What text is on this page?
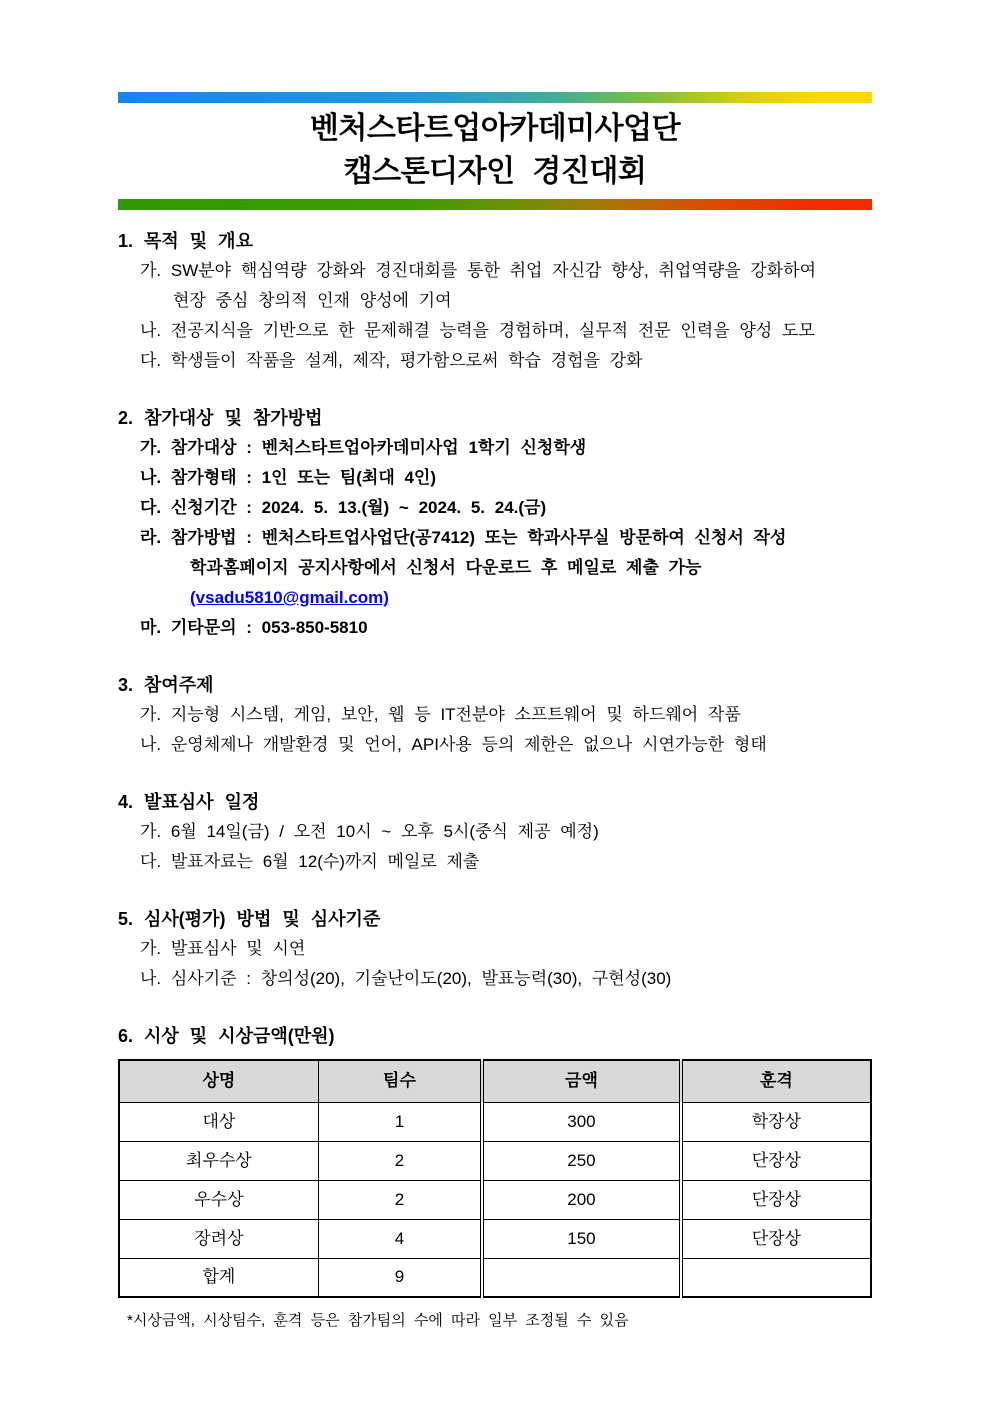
벤처스타트업아카데미사업단
캡스톤디자인 경진대회
1. 목적 및 개요
가. SW분야 핵심역량 강화와 경진대회를 통한 취업 자신감 향상, 취업역량을 강화하여
현장 중심 창의적 인재 양성에 기여
나. 전공지식을 기반으로 한 문제해결 능력을 경험하며, 실무적 전문 인력을 양성 도모
다. 학생들이 작품을 설계, 제작, 평가함으로써 학습 경험을 강화
2. 참가대상 및 참가방법
가. 참가대상 : 벤처스타트업아카데미사업 1학기 신청학생
나. 참가형태 : 1인 또는 팀(최대 4인)
다. 신청기간 : 2024. 5. 13.(월) ~ 2024. 5. 24.(금)
라. 참가방법 : 벤처스타트업사업단(공7412) 또는 학과사무실 방문하여 신청서 작성
학과홈페이지 공지사항에서 신청서 다운로드 후 메일로 제출 가능(vsadu5810@gmail.com)
마. 기타문의 : 053-850-5810
3. 참여주제
가. 지능형 시스템, 게임, 보안, 웹 등 IT전분야 소프트웨어 및 하드웨어 작품
나. 운영체제나 개발환경 및 언어, API사용 등의 제한은 없으나 시연가능한 형태
4. 발표심사 일정
가. 6월 14일(금) / 오전 10시 ~ 오후 5시(중식 제공 예정)
다. 발표자료는 6월 12(수)까지 메일로 제출
5. 심사(평가) 방법 및 심사기준
가. 발표심사 및 시연
나. 심사기준 : 창의성(20), 기술난이도(20), 발표능력(30), 구현성(30)
6. 시상 및 시상금액(만원)
상명	팀수	금액	훈격
대상	1	300	학장상
최우수상	2	250	단장상
우수상	2	200	단장상
장려상	4	150	단장상
합계	9		
*시상금액, 시상팀수, 훈격 등은 참가팀의 수에 따라 일부 조정될 수 있음
